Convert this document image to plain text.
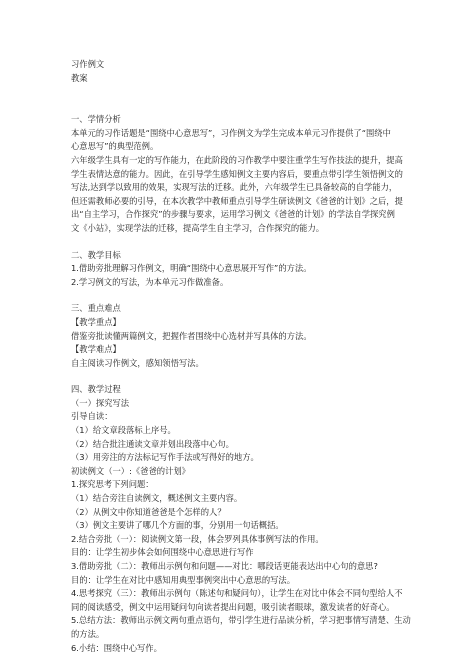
习作例文
教案
一、学情分析
本单元的习作话题是“围绕中心意思写”，习作例文为学生完成本单元习作提供了“围绕中
心意思写”的典型范例。
六年级学生具有一定的写作能力，在此阶段的习作教学中要注重学生写作技法的提升，提高
学生表情达意的能力。因此，在引导学生感知例文主要内容后，要重点带引学生领悟例文的
写法,达到学以致用的效果，实现写法的迁移。此外，六年级学生已具备较高的自学能力，
但还需教师必要的引导，在本次教学中教师重点引导学生研读例文《爸爸的计划》之后，提
出“自主学习，合作探究”的步骤与要求，运用学习例文《爸爸的计划》的学法自学探究例
文《小站》，实现学法的迁移，提高学生自主学习，合作探究的能力。
二、教学目标
1.借助旁批理解习作例文，明确“围绕中心意思展开写作”的方法。
2.学习例文的写法，为本单元习作做准备。
三、重点难点
【教学重点】
借鉴旁批读懂两篇例文，把握作者围绕中心选材并写具体的方法。
【教学难点】
自主阅读习作例文，感知领悟写法。
四、教学过程
（一）探究写法
引导自读：
（1）给文章段落标上序号。
（2）结合批注通读文章并划出段落中心句。
（3）用旁注的方法标记写作手法或写得好的地方。
初读例文（一）:《爸爸的计划》
1.探究思考下列问题：
（1）结合旁注自读例文，概述例文主要内容。
（2）从例文中你知道爸爸是个怎样的人？
（3）例文主要讲了哪几个方面的事，分别用一句话概括。
2.结合旁批（一）：阅读例文第一段，体会罗列具体事例写法的作用。
目的：让学生初步体会如何围绕中心意思进行写作
3.借助旁批（二）：教师出示例句和问题——对比：哪段话更能表达出中心句的意思?
目的：让学生在对比中感知用典型事例突出中心意思的写法。
4.思考探究（三）：教师出示例句（陈述句和疑问句），让学生在对比中体会不同句型给人不
同的阅读感受，例文中运用疑问句向读者提出问题，吸引读者眼球，激发读者的好奇心。
5.总结方法：教师出示例文两句重点语句，带引学生进行品读分析，学习把事情写清楚、生动
的方法。
6.小结：围绕中心写作。
